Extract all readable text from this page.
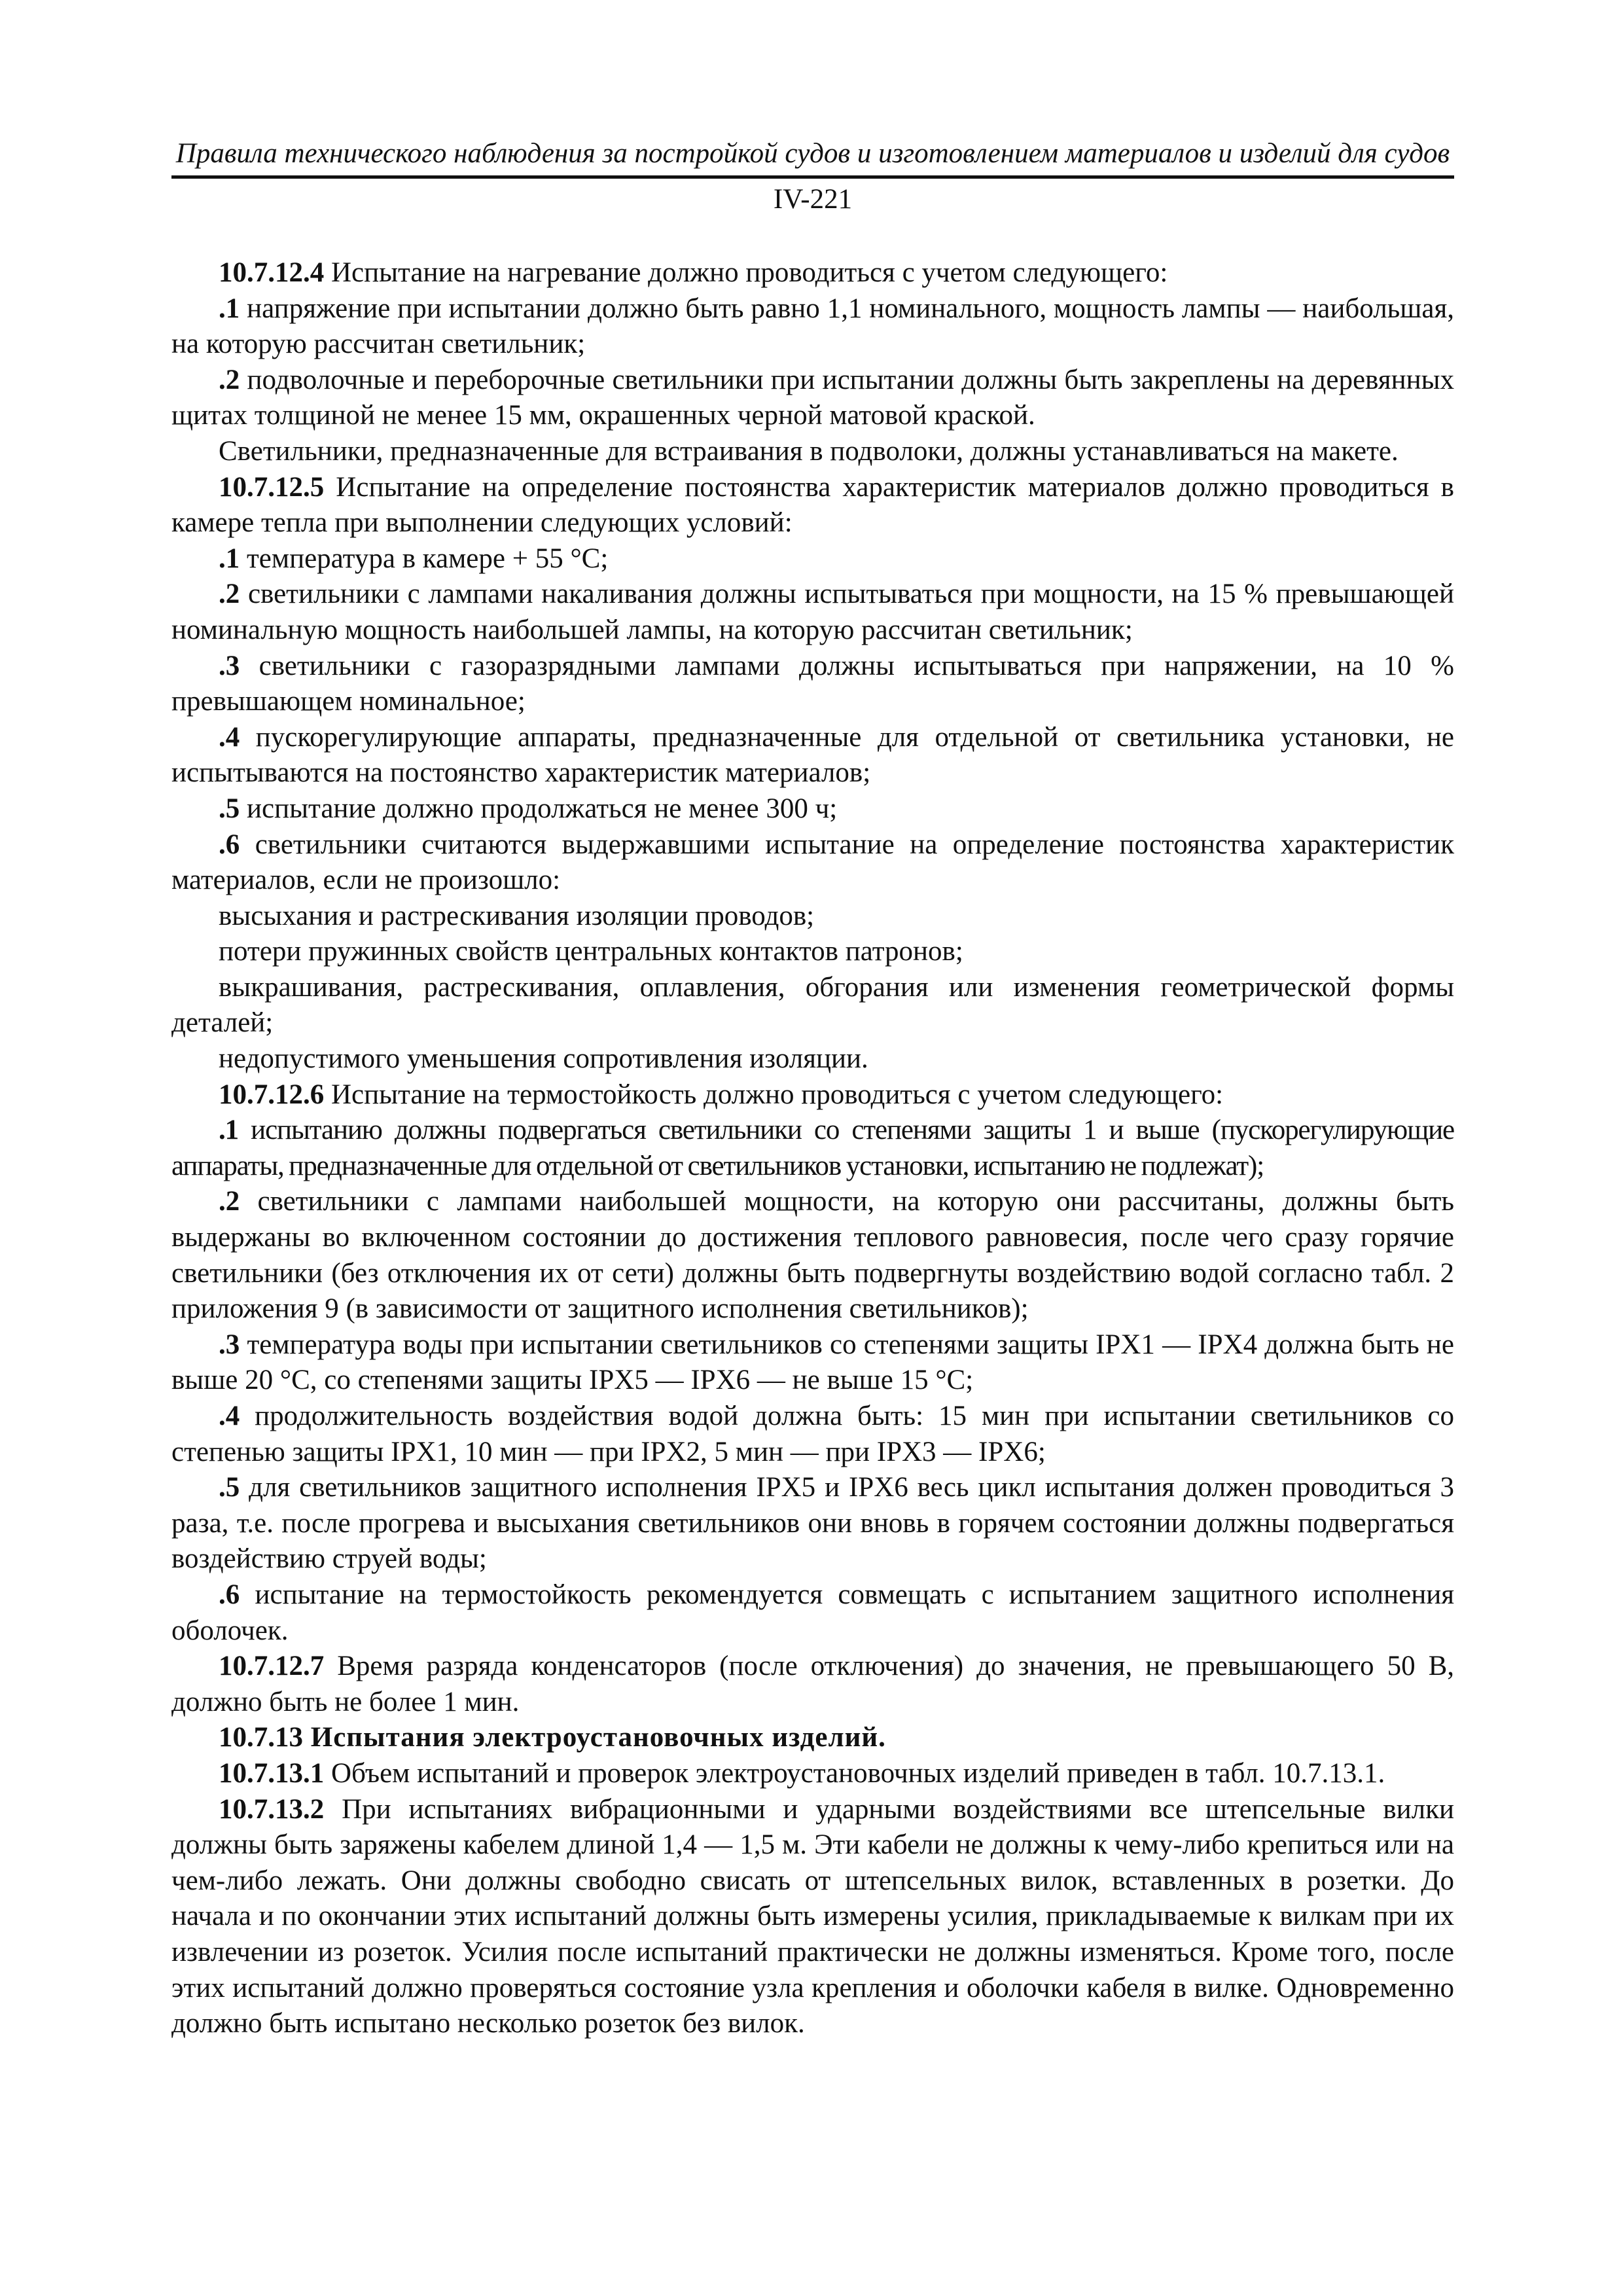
Правила технического наблюдения за постройкой судов и изготовлением материалов и изделий для судов
IV-221

10.7.12.4 Испытание на нагревание должно проводиться с учетом следующего:

.1 напряжение при испытании должно быть равно 1,1 номинального, мощность лампы — наибольшая, на которую рассчитан светильник;

.2 подволочные и переборочные светильники при испытании должны быть закреплены на деревянных щитах толщиной не менее 15 мм, окрашенных черной матовой краской.

Светильники, предназначенные для встраивания в подволоки, должны устанавливаться на макете.

10.7.12.5 Испытание на определение постоянства характеристик материалов должно проводиться в камере тепла при выполнении следующих условий:

.1 температура в камере + 55 °С;

.2 светильники с лампами накаливания должны испытываться при мощности, на 15 % превышающей номинальную мощность наибольшей лампы, на которую рассчитан светильник;

.3 светильники с газоразрядными лампами должны испытываться при напряжении, на 10 % превышающем номинальное;

.4 пускорегулирующие аппараты, предназначенные для отдельной от светильника установки, не испытываются на постоянство характеристик материалов;

.5 испытание должно продолжаться не менее 300 ч;

.6 светильники считаются выдержавшими испытание на определение постоянства характеристик материалов, если не произошло:

высыхания и растрескивания изоляции проводов;

потери пружинных свойств центральных контактов патронов;

выкрашивания, растрескивания, оплавления, обгорания или изменения геометрической формы деталей;

недопустимого уменьшения сопротивления изоляции.

10.7.12.6 Испытание на термостойкость должно проводиться с учетом следующего:

.1 испытанию должны подвергаться светильники со степенями защиты 1 и выше (пускорегулирующие аппараты, предназначенные для отдельной от светильников установки, испытанию не подлежат);

.2 светильники с лампами наибольшей мощности, на которую они рассчитаны, должны быть выдержаны во включенном состоянии до достижения теплового равновесия, после чего сразу горячие светильники (без отключения их от сети) должны быть подвергнуты воздействию водой согласно табл. 2 приложения 9 (в зависимости от защитного исполнения светильников);

.3 температура воды при испытании светильников со степенями защиты IPX1 — IPX4 должна быть не выше 20 °С, со степенями защиты IPX5 — IPX6 — не выше 15 °С;

.4 продолжительность воздействия водой должна быть: 15 мин при испытании светильников со степенью защиты IPX1, 10 мин — при IPX2, 5 мин — при IPX3 — IPX6;

.5 для светильников защитного исполнения IPX5 и IPX6 весь цикл испытания должен проводиться 3 раза, т.е. после прогрева и высыхания светильников они вновь в горячем состоянии должны подвергаться воздействию струей воды;

.6 испытание на термостойкость рекомендуется совмещать с испытанием защитного исполнения оболочек.

10.7.12.7 Время разряда конденсаторов (после отключения) до значения, не превышающего 50 В, должно быть не более 1 мин.

10.7.13 Испытания электроустановочных изделий.

10.7.13.1 Объем испытаний и проверок электроустановочных изделий приведен в табл. 10.7.13.1.

10.7.13.2 При испытаниях вибрационными и ударными воздействиями все штепсельные вилки должны быть заряжены кабелем длиной 1,4 — 1,5 м. Эти кабели не должны к чему-либо крепиться или на чем-либо лежать. Они должны свободно свисать от штепсельных вилок, вставленных в розетки. До начала и по окончании этих испытаний должны быть измерены усилия, прикладываемые к вилкам при их извлечении из розеток. Усилия после испытаний практически не должны изменяться. Кроме того, после этих испытаний должно проверяться состояние узла крепления и оболочки кабеля в вилке. Одновременно должно быть испытано несколько розеток без вилок.
